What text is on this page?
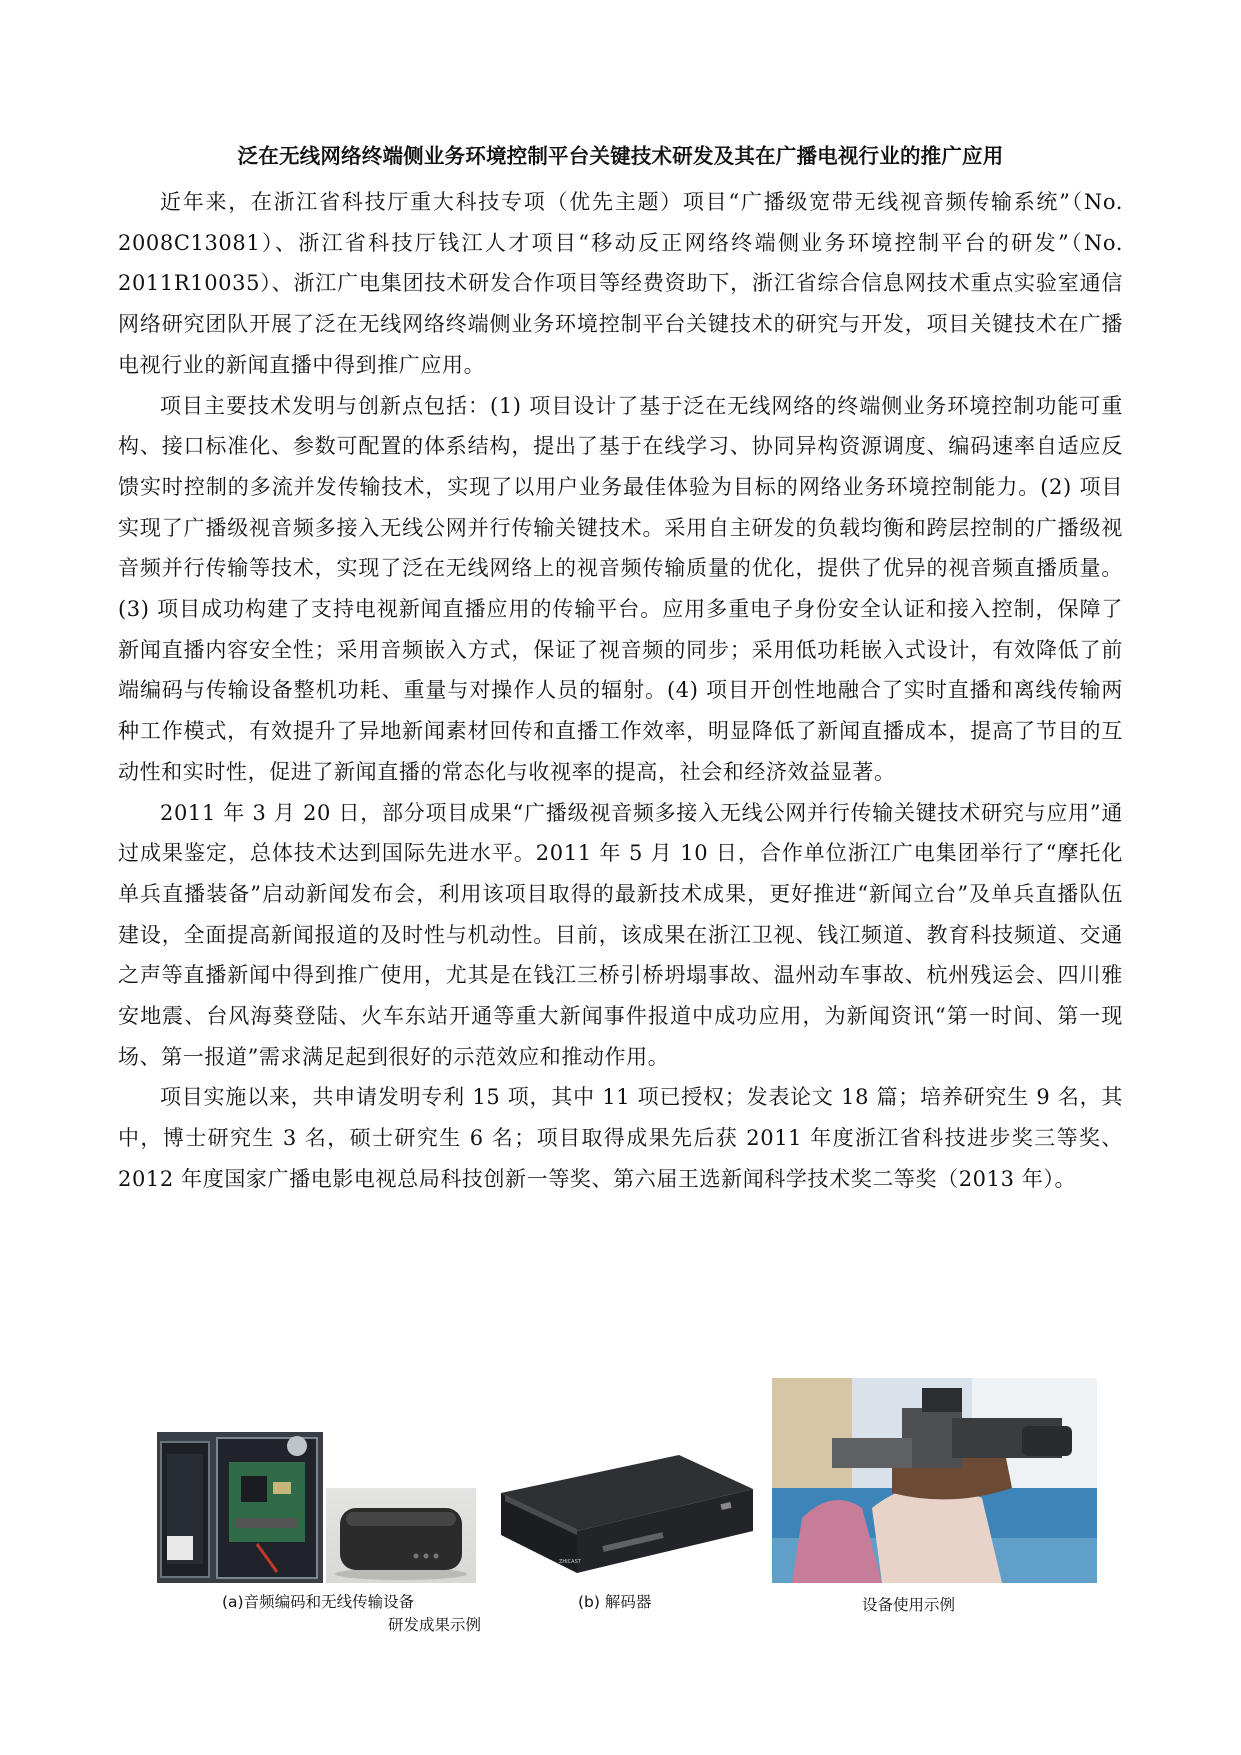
泛在无线网络终端侧业务环境控制平台关键技术研发及其在广播电视行业的推广应用

近年来，在浙江省科技厅重大科技专项（优先主题）项目“广播级宽带无线视音频传输系统”（No. 2008C13081）、浙江省科技厅钱江人才项目“移动反正网络终端侧业务环境控制平台的研发”（No. 2011R10035）、浙江广电集团技术研发合作项目等经费资助下，浙江省综合信息网技术重点实验室通信网络研究团队开展了泛在无线网络终端侧业务环境控制平台关键技术的研究与开发，项目关键技术在广播电视行业的新闻直播中得到推广应用。

项目主要技术发明与创新点包括：(1) 项目设计了基于泛在无线网络的终端侧业务环境控制功能可重构、接口标准化、参数可配置的体系结构，提出了基于在线学习、协同异构资源调度、编码速率自适应反馈实时控制的多流并发传输技术，实现了以用户业务最佳体验为目标的网络业务环境控制能力。(2) 项目实现了广播级视音频多接入无线公网并行传输关键技术。采用自主研发的负载均衡和跨层控制的广播级视音频并行传输等技术，实现了泛在无线网络上的视音频传输质量的优化，提供了优异的视音频直播质量。(3) 项目成功构建了支持电视新闻直播应用的传输平台。应用多重电子身份安全认证和接入控制，保障了新闻直播内容安全性；采用音频嵌入方式，保证了视音频的同步；采用低功耗嵌入式设计，有效降低了前端编码与传输设备整机功耗、重量与对操作人员的辐射。(4) 项目开创性地融合了实时直播和离线传输两种工作模式，有效提升了异地新闻素材回传和直播工作效率，明显降低了新闻直播成本，提高了节目的互动性和实时性，促进了新闻直播的常态化与收视率的提高，社会和经济效益显著。

2011 年 3 月 20 日，部分项目成果“广播级视音频多接入无线公网并行传输关键技术研究与应用”通过成果鉴定，总体技术达到国际先进水平。2011 年 5 月 10 日，合作单位浙江广电集团举行了“摩托化单兵直播装备”启动新闻发布会，利用该项目取得的最新技术成果，更好推进“新闻立台”及单兵直播队伍建设，全面提高新闻报道的及时性与机动性。目前，该成果在浙江卫视、钱江频道、教育科技频道、交通之声等直播新闻中得到推广使用，尤其是在钱江三桥引桥坍塌事故、温州动车事故、杭州残运会、四川雅安地震、台风海葵登陆、火车东站开通等重大新闻事件报道中成功应用，为新闻资讯“第一时间、第一现场、第一报道”需求满足起到很好的示范效应和推动作用。

项目实施以来，共申请发明专利 15 项，其中 11 项已授权；发表论文 18 篇；培养研究生 9 名，其中，博士研究生 3 名，硕士研究生 6 名；项目取得成果先后获 2011 年度浙江省科技进步奖三等奖、2012 年度国家广播电影电视总局科技创新一等奖、第六届王选新闻科学技术奖二等奖（2013 年）。

ZHICAST
(a)音频编码和无线传输设备
研发成果示例
(b) 解码器	设备使用示例
